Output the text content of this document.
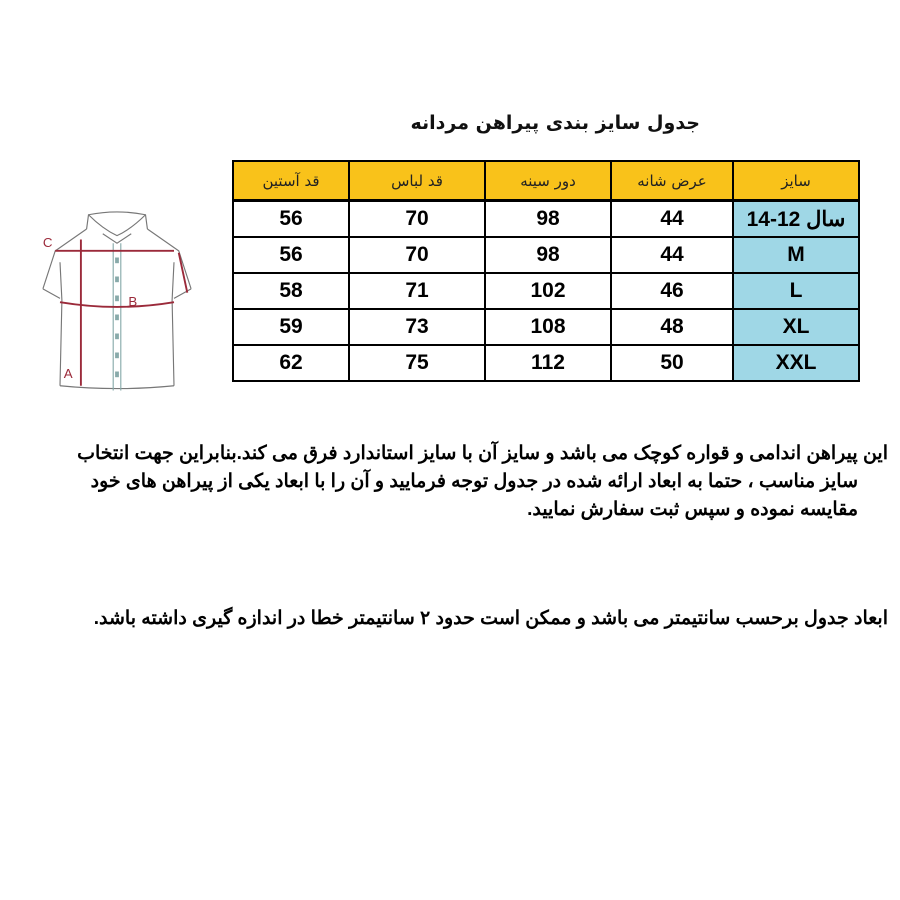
جدول سایز بندی پیراهن مردانه
C
B
A
قد آستین	قد لباس	دور سینه	عرض شانه	سایز
56	70	98	44	سال 12-14
56	70	98	44	M
58	71	102	46	L
59	73	108	48	XL
62	75	112	50	XXL
این پیراهن اندامی و قواره کوچک می باشد و سایز آن با سایز استاندارد فرق می کند.بنابراین جهت انتخاب
سایز مناسب ، حتما به ابعاد ارائه شده در جدول توجه فرمایید و آن را با ابعاد یکی از پیراهن های خود
مقایسه نموده و سپس ثبت سفارش نمایید.
ابعاد جدول برحسب سانتیمتر می باشد و ممکن است حدود ۲ سانتیمتر خطا در اندازه گیری داشته باشد.
